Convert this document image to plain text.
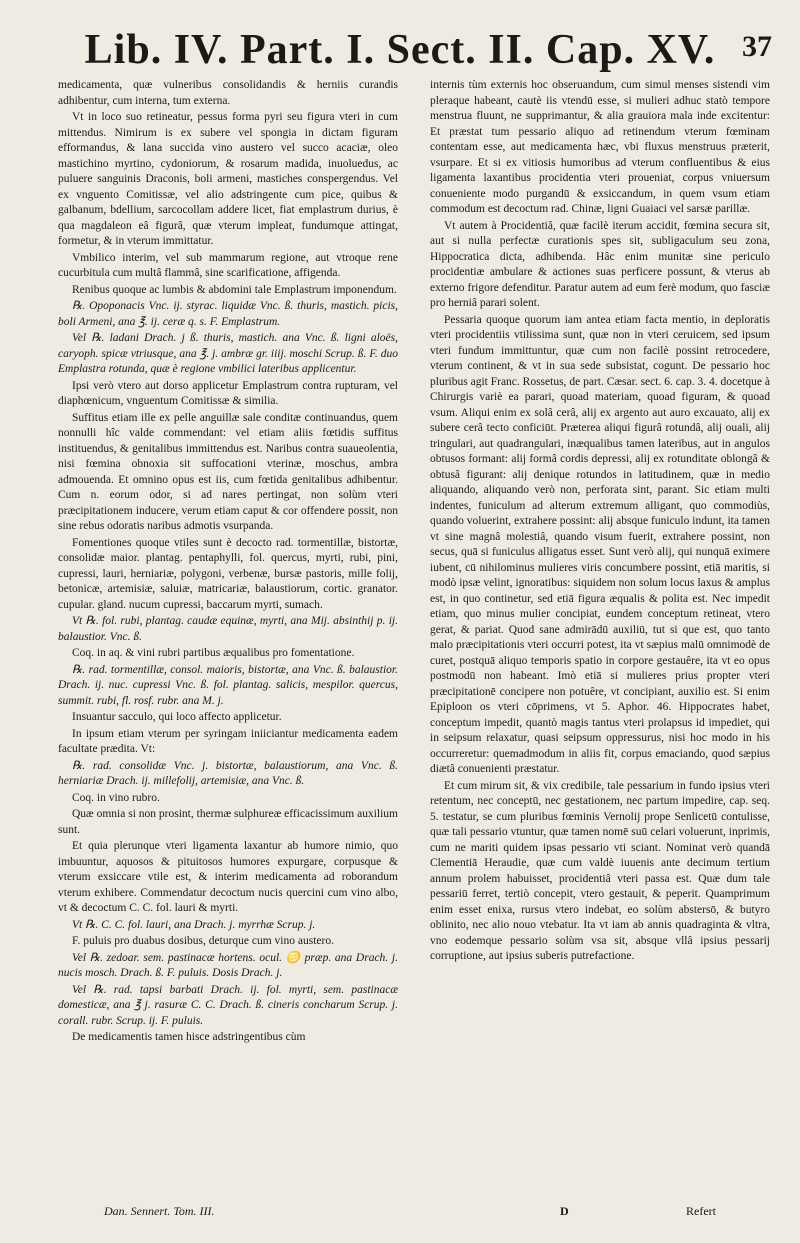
Lib. IV. Part. I. Sect. II. Cap. XV. 37

medicamenta, quæ vulneribus consolidandis & herniis curandis adhibentur, cum interna, tum externa.

Vt in loco suo retineatur, pessus forma pyri seu figura vteri in cum mittendus. Nimirum is ex subere vel spongia in dictam figuram efformandus, & lana succida vino austero vel succo acaciæ, oleo mastichino myrtino, cydoniorum, & rosarum madida, inuoluedus, ac puluere sanguinis Draconis, boli armeni, mastiches conspergendus. Vel ex vnguento Comitissæ, vel alio adstringente cum pice, quibus & galbanum, bdellium, sarcocollam addere licet, fiat emplastrum durius, è qua magdaleon eâ figurâ, quæ vterum impleat, fundumque attingat, formetur, & in vterum immittatur.

Vmbilico interim, vel sub mammarum regione, aut vtroque rene cucurbitula cum multâ flammâ, sine scarificatione, affigenda.

Renibus quoque ac lumbis & abdomini tale Emplastrum imponendum.

℞. Opoponacis Vnc. ij. styrac. liquidæ Vnc. ß. thuris, mastich. picis, boli Armeni, ana ℥. ij. ceræ q. s. F. Emplastrum.

Vel ℞. ladani Drach. j ß. thuris, mastich. ana Vnc. ß. ligni aloës, caryoph. spicæ vtriusque, ana ℥. j. ambræ gr. iiij. moschi Scrup. ß. F. duo Emplastra rotunda, quæ è regione vmbilici lateribus applicentur.

Ipsi verò vtero aut dorso applicetur Emplastrum contra rupturam, vel diaphœnicum, vnguentum Comitissæ & similia.

Suffitus etiam ille ex pelle anguillæ sale conditæ continuandus, quem nonnulli hîc valde commendant: vel etiam aliis fœtidis suffitus instituendus, & genitalibus immittendus est. Naribus contra suaueolentia, nisi fœmina obnoxia sit suffocationi vterinæ, moschus, ambra admouenda. Et omnino opus est iis, cum fœtida genitalibus adhibentur. Cum n. eorum odor, si ad nares pertingat, non solùm vteri præcipitationem inducere, verum etiam caput & cor offendere possit, non sine rebus odoratis naribus admotis vsurpanda.

Fomentiones quoque vtiles sunt è decocto rad. tormentillæ, bistortæ, consolidæ maior. plantag. pentaphylli, fol. quercus, myrti, rubi, pini, cupressi, lauri, herniariæ, polygoni, verbenæ, bursæ pastoris, mille folij, betonicæ, artemisiæ, saluiæ, matricariæ, balaustiorum, cortic. granator. cupular. gland. nucum cupressi, baccarum myrti, sumach.

Vt ℞. fol. rubi, plantag. caudæ equinæ, myrti, ana Mij. absinthij p. ij. balaustior. Vnc. ß.

Coq. in aq. & vini rubri partibus æqualibus pro fomentatione.

℞. rad. tormentillæ, consol. maioris, bistortæ, ana Vnc. ß. balaustior. Drach. ij. nuc. cupressi Vnc. ß. fol. plantag. salicis, mespilor. quercus, summit. rubi, fl. rosf. rubr. ana M. j.

Insuantur sacculo, qui loco affecto applicetur.

In ipsum etiam vterum per syringam iniiciantur medicamenta eadem facultate prædita. Vt:

℞. rad. consolidæ Vnc. j. bistortæ, balaustiorum, ana Vnc. ß. herniariæ Drach. ij. millefolij, artemisiæ, ana Vnc. ß.

Coq. in vino rubro.

Quæ omnia si non prosint, thermæ sulphureæ efficacissimum auxilium sunt.

Et quia plerunque vteri ligamenta laxantur ab humore nimio, quo imbuuntur, aquosos & pituitosos humores expurgare, corpusque & vterum exsiccare vtile est, & interim medicamenta ad roborandum vterum exhibere. Commendatur decoctum nucis quercini cum vino albo, vt & decoctum C. C. fol. lauri & myrti.

Vt ℞. C. C. fol. lauri, ana Drach. j. myrrhæ Scrup. j.

F. puluis pro duabus dosibus, deturque cum vino austero.

Vel ℞. zedoar. sem. pastinacæ hortens. ocul. ♋ præp. ana Drach. j. nucis mosch. Drach. ß. F. puluis. Dosis Drach. j.

Vel ℞. rad. tapsi barbati Drach. ij. fol. myrti, sem. pastinacæ domesticæ, ana ℥ j. rasuræ C. C. Drach. ß. cineris concharum Scrup. j. corall. rubr. Scrup. ij. F. puluis.

De medicamentis tamen hisce adstringentibus cùm

internis tùm externis hoc obseruandum, cum simul menses sistendi vim pleraque habeant, cautè iis vtendū esse, si mulieri adhuc statò tempore menstrua fluunt, ne supprimantur, & alia grauiora mala inde excitentur: Et præstat tum pessario aliquo ad retinendum vterum fœminam contentam esse, aut medicamenta hæc, vbi fluxus menstruus præterit, vsurpare. Et si ex vitiosis humoribus ad vterum confluentibus & eius ligamenta laxantibus procidentia vteri proueniat, corpus vniuersum conueniente modo purgandū & exsiccandum, in quem vsum etiam commodum est decoctum rad. Chinæ, ligni Guaiaci vel sarsæ parillæ.

Vt autem à Procidentiâ, quæ facilè iterum accidit, fœmina secura sit, aut si nulla perfectæ curationis spes sit, subligaculum seu zona, Hippocratica dicta, adhibenda. Hâc enim munitæ sine periculo procidentiæ ambulare & actiones suas perficere possunt, & vterus ab externo frigore defenditur. Paratur autem ad eum ferè modum, quo fasciæ pro herniâ parari solent.

Pessaria quoque quorum iam antea etiam facta mentio, in deploratis vteri procidentiis vtilissima sunt, quæ non in vteri ceruicem, sed ipsum vteri fundum immittuntur, quæ cum non facilè possint retrocedere, vterum continent, & vt in sua sede subsistat, cogunt. De pessario hoc pluribus agit Franc. Rossetus, de part. Cæsar. sect. 6. cap. 3. 4. docetque à Chirurgis variè ea parari, quoad materiam, quoad figuram, & quoad vsum. Aliqui enim ex solâ cerâ, alij ex argento aut auro excauato, alij ex subere cerâ tecto conficiūt. Præterea aliqui figurâ rotundâ, alij ouali, alij tringulari, aut quadrangulari, inæqualibus tamen lateribus, aut in angulos obtusos formant: alij formâ cordis depressi, alij ex rotunditate oblongâ & obtusâ figurant: alij denique rotundos in latitudinem, quæ in medio aliquando, aliquando verò non, perforata sint, parant. Sic etiam multi indentes, funiculum ad alterum extremum alligant, quo commodiùs, quando voluerint, extrahere possint: alij absque funiculo indunt, ita tamen vt sine magnâ molestiâ, quando visum fuerit, extrahere possint, non secus, quā si funiculus alligatus esset. Sunt verò alij, qui nunquā eximere iubent, cū nihilominus mulieres viris concumbere possint, etiā maritis, si modò ipsæ velint, ignoratibus: siquidem non solum locus laxus & amplus est, in quo continetur, sed etiā figura æqualis & polita est. Nec impedit etiam, quo minus mulier concipiat, eundem conceptum retineat, vtero gerat, & pariat. Quod sane admirādū auxiliū, tut si que est, quo tanto malo præcipitationis vteri occurri potest, ita vt sæpius malū omnimodè de curet, postquā aliquo temporis spatio in corpore gestauêre, ita vt eo opus postmodū non habeant. Imò etiā si mulieres prius propter vteri præcipitationē concipere non potuêre, vt concipiant, auxilio est. Si enim Epiploon os vteri cōprimens, vt 5. Aphor. 46. Hippocrates habet, conceptum impedit, quantò magis tantus vteri prolapsus id impediet, qui in seipsum relaxatur, quasi seipsum oppressurus, nisi hoc modo in his occurreretur: quemadmodum in aliis fit, corpus emaciando, quod sæpius diætâ conuenienti præstatur.

Et cum mirum sit, & vix credibile, tale pessarium in fundo ipsius vteri retentum, nec conceptū, nec gestationem, nec partum impedire, cap. seq. 5. testatur, se cum pluribus fœminis Vernolij prope Senlicetū contulisse, quæ tali pessario vtuntur, quæ tamen nomē suū celari voluerunt, inprimis, cum ne mariti quidem ipsas pessario vti sciant. Nominat verò quandā Clementiā Heraudie, quæ cum valdè iuuenis ante decimum tertium annum prolem habuisset, procidentiâ vteri passa est. Quæ dum tale pessariū ferret, tertiò concepit, vtero gestauit, & peperit. Quamprimum enim esset enixa, rursus vtero indebat, eo solùm abstersō, & butyro oblinito, nec alio nouo vtebatur. Ita vt iam ab annis quadraginta & vltra, vno eodemque pessario solùm vsa sit, absque vllâ ipsius pessarij corruptione, aut ipsius suberis putrefactione.

Dan. Sennert. Tom. III.	D	Refert
